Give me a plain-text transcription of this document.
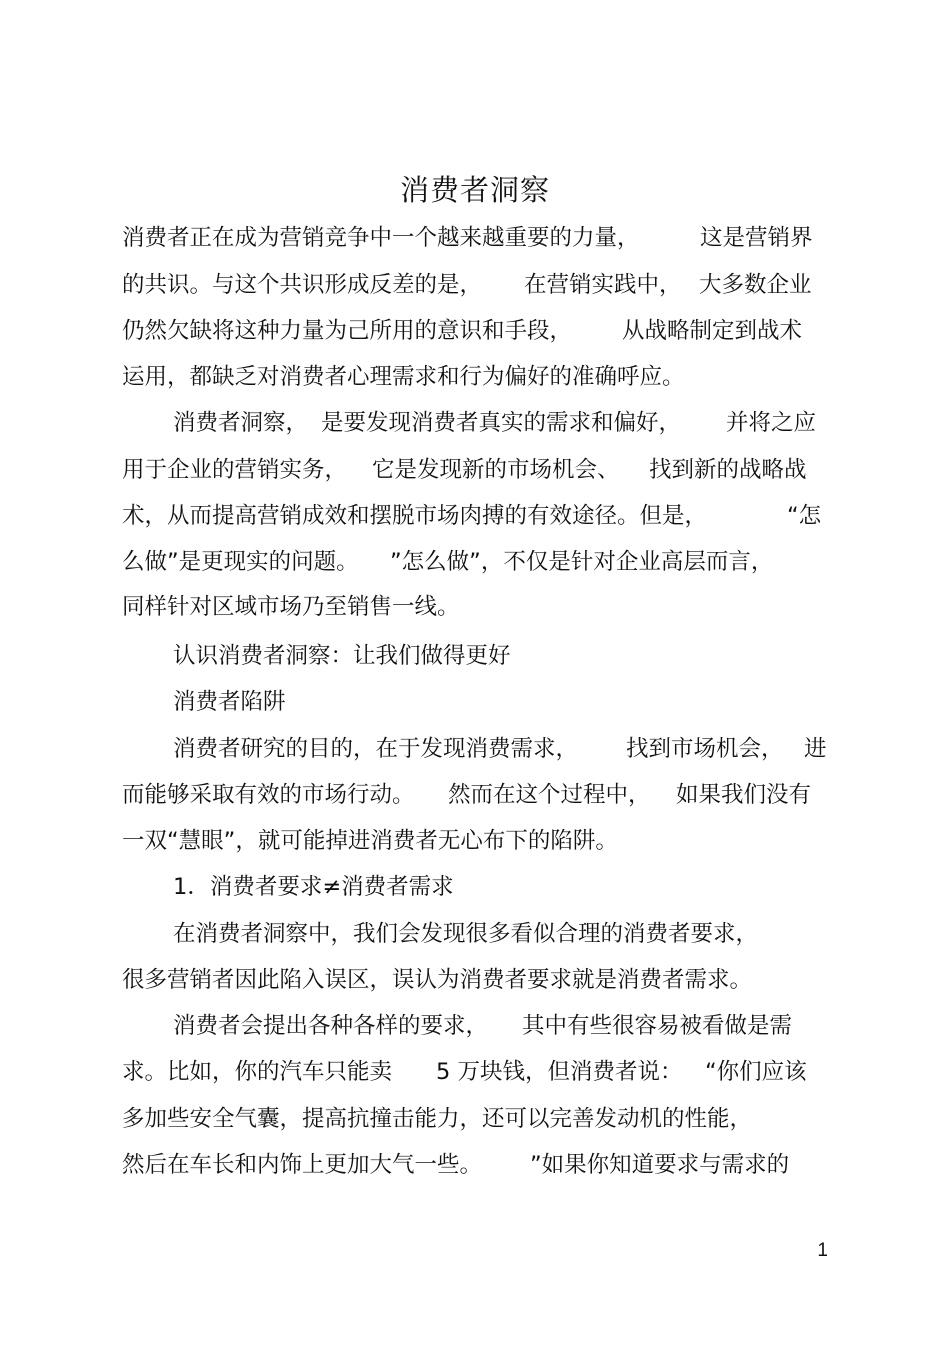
消费者洞察
消费者正在成为营销竞争中一个越来越重要的力量，	这是营销界
的共识。与这个共识形成反差的是， 在营销实践中， 大多数企业
仍然欠缺将这种力量为己所用的意识和手段， 从战略制定到战术
运用，都缺乏对消费者心理需求和行为偏好的准确呼应。
消费者洞察， 是要发现消费者真实的需求和偏好， 并将之应
用于企业的营销实务， 它是发现新的市场机会、 找到新的战略战
术，从而提高营销成效和摆脱市场肉搏的有效途径。但是，	“怎
么做”是更现实的问题。 ”怎么做”，不仅是针对企业高层而言，
同样针对区域市场乃至销售一线。
认识消费者洞察：让我们做得更好
消费者陷阱
消费者研究的目的，在于发现消费需求， 找到市场机会， 进
而能够采取有效的市场行动。 然而在这个过程中， 如果我们没有
一双“慧眼”，就可能掉进消费者无心布下的陷阱。
1．消费者要求≠消费者需求
在消费者洞察中，我们会发现很多看似合理的消费者要求，
很多营销者因此陷入误区，误认为消费者要求就是消费者需求。
消费者会提出各种各样的要求， 其中有些很容易被看做是需
求。比如，你的汽车只能卖 5 万块钱，但消费者说： “你们应该
多加些安全气囊，提高抗撞击能力，还可以完善发动机的性能，
然后在车长和内饰上更加大气一些。 ”如果你知道要求与需求的
1
